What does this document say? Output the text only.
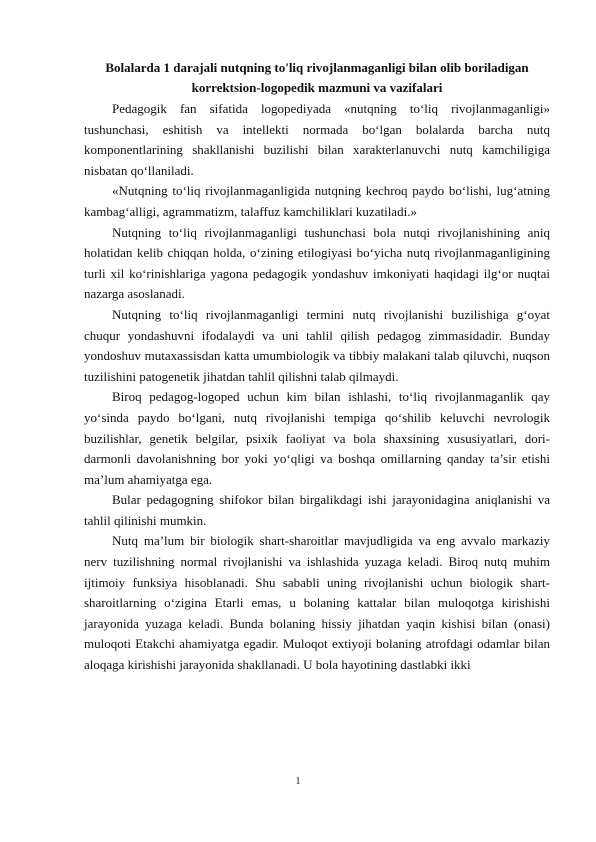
Bolalarda 1 darajali nutqning to'liq rivojlanmaganligi bilan olib boriladigan
korrektsion-logopedik mazmuni va vazifalari

Pedagogik fan sifatida logopediyada «nutqning to‘liq rivojlanmaganligi» tushunchasi, eshitish va intellekti normada bo‘lgan bolalarda barcha nutq komponentlarining shakllanishi buzilishi bilan xarakterlanuvchi nutq kamchiligiga nisbatan qo‘llaniladi.

«Nutqning to‘liq rivojlanmaganligida nutqning kechroq paydo bo‘lishi, lug‘atning kambag‘alligi, agrammatizm, talaffuz kamchiliklari kuzatiladi.»

Nutqning to‘liq rivojlanmaganligi tushunchasi bola nutqi rivojlanishining aniq holatidan kelib chiqqan holda, o‘zining etilogiyasi bo‘yicha nutq rivojlanmaganligining turli xil ko‘rinishlariga yagona pedagogik yondashuv imkoniyati haqidagi ilg‘or nuqtai nazarga asoslanadi.

Nutqning to‘liq rivojlanmaganligi termini nutq rivojlanishi buzilishiga g‘oyat chuqur yondashuvni ifodalaydi va uni tahlil qilish pedagog zimmasidadir. Bunday yondoshuv mutaxassisdan katta umumbiologik va tibbiy malakani talab qiluvchi, nuqson tuzilishini patogenetik jihatdan tahlil qilishni talab qilmaydi.

Biroq pedagog-logoped uchun kim bilan ishlashi, to‘liq rivojlanmaganlik qay yo‘sinda paydo bo‘lgani, nutq rivojlanishi tempiga qo‘shilib keluvchi nevrologik buzilishlar, genetik belgilar, psixik faoliyat va bola shaxsining xususiyatlari, dori-darmonli davolanishning bor yoki yo‘qligi va boshqa omillarning qanday ta’sir etishi ma’lum ahamiyatga ega.

Bular pedagogning shifokor bilan birgalikdagi ishi jarayonidagina aniqlanishi va tahlil qilinishi mumkin.

Nutq ma’lum bir biologik shart-sharoitlar mavjudligida va eng avvalo markaziy nerv tuzilishning normal rivojlanishi va ishlashida yuzaga keladi. Biroq nutq muhim ijtimoiy funksiya hisoblanadi. Shu sababli uning rivojlanishi uchun biologik shart-sharoitlarning o‘zigina Etarli emas, u bolaning kattalar bilan muloqotga kirishishi jarayonida yuzaga keladi. Bunda bolaning hissiy jihatdan yaqin kishisi bilan (onasi) muloqoti Etakchi ahamiyatga egadir. Muloqot extiyoji bolaning atrofdagi odamlar bilan aloqaga kirishishi jarayonida shakllanadi. U bola hayotining dastlabki ikki

1
